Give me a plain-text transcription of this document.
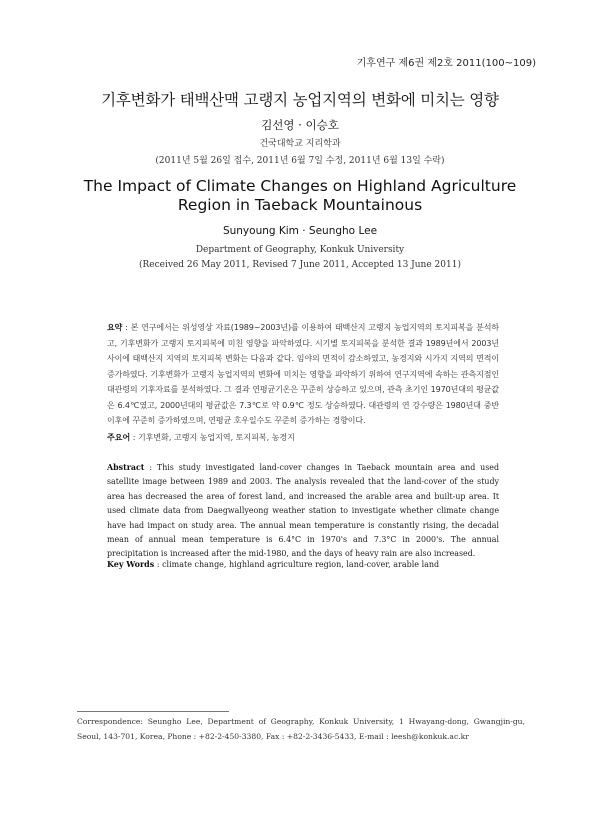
기후연구 제6권 제2호 2011(100~109)
기후변화가 태백산맥 고랭지 농업지역의 변화에 미치는 영향
김선영 · 이승호
건국대학교 지리학과
(2011년 5월 26일 접수, 2011년 6월 7일 수정, 2011년 6월 13일 수락)
The Impact of Climate Changes on Highland Agriculture Region in Taeback Mountainous
Sunyoung Kim · Seungho Lee
Department of Geography, Konkuk University
(Received 26 May 2011, Revised 7 June 2011, Accepted 13 June 2011)
요약 : 본 연구에서는 위성영상 자료(1989~2003년)를 이용하여 태백산지 고랭지 농업지역의 토지피복을 분석하고, 기후변화가 고랭지 토지피복에 미친 영향을 파악하였다. 시기별 토지피복을 분석한 결과 1989년에서 2003년 사이에 태백산지 지역의 토지피복 변화는 다음과 같다. 임야의 면적이 감소하였고, 농경지와 시가지 지역의 면적이 증가하였다. 기후변화가 고랭지 농업지역의 변화에 미치는 영향을 파악하기 위하여 연구지역에 속하는 관측지점인 대관령의 기후자료를 분석하였다. 그 결과 연평균기온은 꾸준히 상승하고 있으며, 관측 초기인 1970년대의 평균값은 6.4℃였고, 2000년대의 평균값은 7.3℃로 약 0.9℃ 정도 상승하였다. 대관령의 연 강수량은 1980년대 중반 이후에 꾸준히 증가하였으며, 연평균 호우일수도 꾸준히 증가하는 경향이다.
주요어 : 기후변화, 고랭지 농업지역, 토지피복, 농경지
Abstract : This study investigated land-cover changes in Taeback mountain area and used satellite image between 1989 and 2003. The analysis revealed that the land-cover of the study area has decreased the area of forest land, and increased the arable area and built-up area. It used climate data from Daegwallyeong weather station to investigate whether climate change have had impact on study area. The annual mean temperature is constantly rising, the decadal mean of annual mean temperature is 6.4°C in 1970's and 7.3°C in 2000's. The annual precipitation is increased after the mid-1980, and the days of heavy rain are also increased.
Key Words : climate change, highland agriculture region, land-cover, arable land
Correspondence: Seungho Lee, Department of Geography, Konkuk University, 1 Hwayang-dong, Gwangjin-gu, Seoul, 143-701, Korea, Phone : +82-2-450-3380, Fax : +82-2-3436-5433, E-mail : leesh@konkuk.ac.kr
